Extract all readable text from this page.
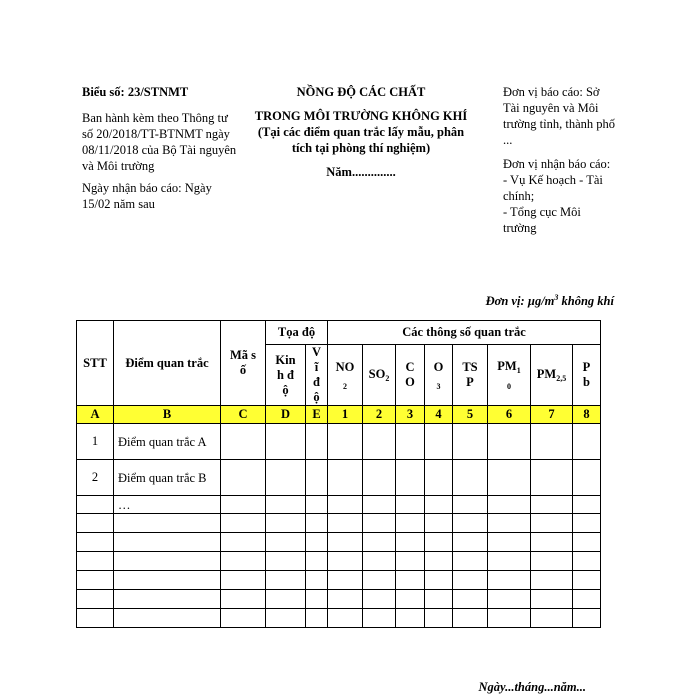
Biểu số: 23/STNMT

Ban hành kèm theo Thông tư số 20/2018/TT-BTNMT ngày 08/11/2018 của Bộ Tài nguyên và Môi trường

Ngày nhận báo cáo: Ngày 15/02 năm sau

NỒNG ĐỘ CÁC CHẤT

TRONG MÔI TRƯỜNG KHÔNG KHÍ

(Tại các điểm quan trắc lấy mẫu, phân tích tại phòng thí nghiệm)

Năm..............

Đơn vị báo cáo: Sở Tài nguyên và Môi trường tỉnh, thành phố ...

Đơn vị nhận báo cáo:

- Vụ Kế hoạch - Tài chính;

- Tổng cục Môi trường

Đơn vị: $\mu g/m^3$ không khí
STT	Điểm quan trắc	Mã số	Tọa độ		Các thông số quan trắc							
			Kinh độ	Vĩ độ	$NO_2$	$SO_2$	CO	$O_3$	TSP	$PM_{10}$	$PM_{2,5}$	Pb
A	B	C	D	E	1	2	3	4	5	6	7	8
1	Điểm quan trắc A											
2	Điểm quan trắc B											
	…											

Ngày...tháng...năm...
